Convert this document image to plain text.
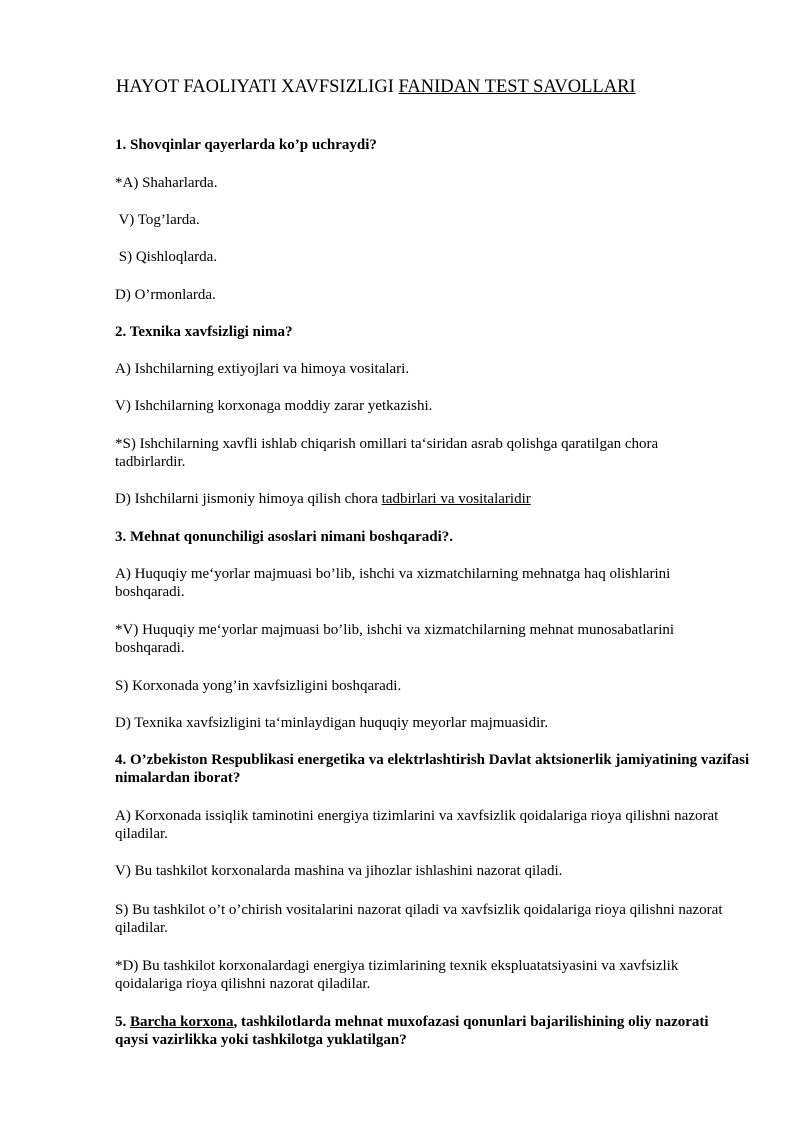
HAYOT FAOLIYATI XAVFSIZLIGI FANIDAN TEST SAVOLLARI

1. Shovqinlar qayerlarda ko’p uchraydi?

*A) Shaharlarda.

V) Tog’larda.

S) Qishloqlarda.

D) O’rmonlarda.

2. Texnika xavfsizligi nima?

A) Ishchilarning extiyojlari va himoya vositalari.

V) Ishchilarning korxonaga moddiy zarar yetkazishi.

*S) Ishchilarning xavfli ishlab chiqarish omillari ta‘siridan asrab qolishga qaratilgan chora tadbirlardir.

D) Ishchilarni jismoniy himoya qilish chora tadbirlari va vositalaridir

3. Mehnat qonunchiligi asoslari nimani boshqaradi?.

A) Huquqiy me‘yorlar majmuasi bo’lib, ishchi va xizmatchilarning mehnatga haq olishlarini boshqaradi.

*V) Huquqiy me‘yorlar majmuasi bo’lib, ishchi va xizmatchilarning mehnat munosabatlarini boshqaradi.

S) Korxonada yong’in xavfsizligini boshqaradi.

D) Texnika xavfsizligini ta‘minlaydigan huquqiy meyorlar majmuasidir.

4. O’zbekiston Respublikasi energetika va elektrlashtirish Davlat aktsionerlik jamiyatining vazifasi nimalardan iborat?

A) Korxonada issiqlik taminotini energiya tizimlarini va xavfsizlik qoidalariga rioya qilishni nazorat qiladilar.

V) Bu tashkilot korxonalarda mashina va jihozlar ishlashini nazorat qiladi.

S) Bu tashkilot o’t o’chirish vositalarini nazorat qiladi va xavfsizlik qoidalariga rioya qilishni nazorat qiladilar.

*D) Bu tashkilot korxonalardagi energiya tizimlarining texnik ekspluatatsiyasini va xavfsizlik qoidalariga rioya qilishni nazorat qiladilar.

5. Barcha korxona, tashkilotlarda mehnat muxofazasi qonunlari bajarilishining oliy nazorati qaysi vazirlikka yoki tashkilotga yuklatilgan?
